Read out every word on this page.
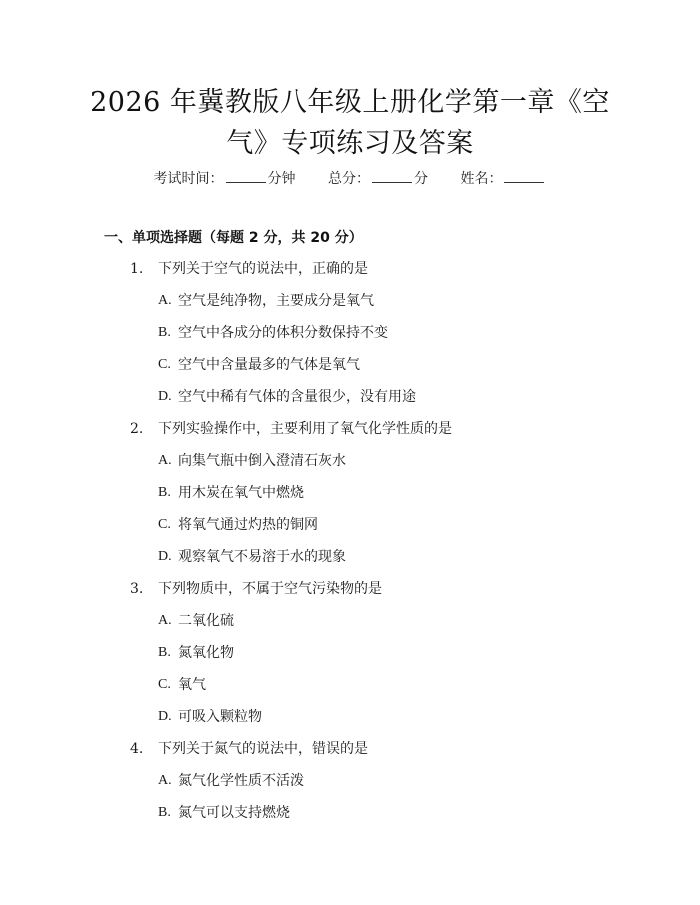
2026 年冀教版八年级上册化学第一章《空气》专项练习及答案
考试时间：	分钟 总分：	分 姓名：
一、单项选择题（每题 2 分，共 20 分）
1. 下列关于空气的说法中，正确的是
A. 空气是纯净物，主要成分是氧气
B. 空气中各成分的体积分数保持不变
C. 空气中含量最多的气体是氧气
D. 空气中稀有气体的含量很少，没有用途
2. 下列实验操作中，主要利用了氧气化学性质的是
A. 向集气瓶中倒入澄清石灰水
B. 用木炭在氧气中燃烧
C. 将氧气通过灼热的铜网
D. 观察氧气不易溶于水的现象
3. 下列物质中，不属于空气污染物的是
A. 二氧化硫
B. 氮氧化物
C. 氧气
D. 可吸入颗粒物
4. 下列关于氮气的说法中，错误的是
A. 氮气化学性质不活泼
B. 氮气可以支持燃烧
